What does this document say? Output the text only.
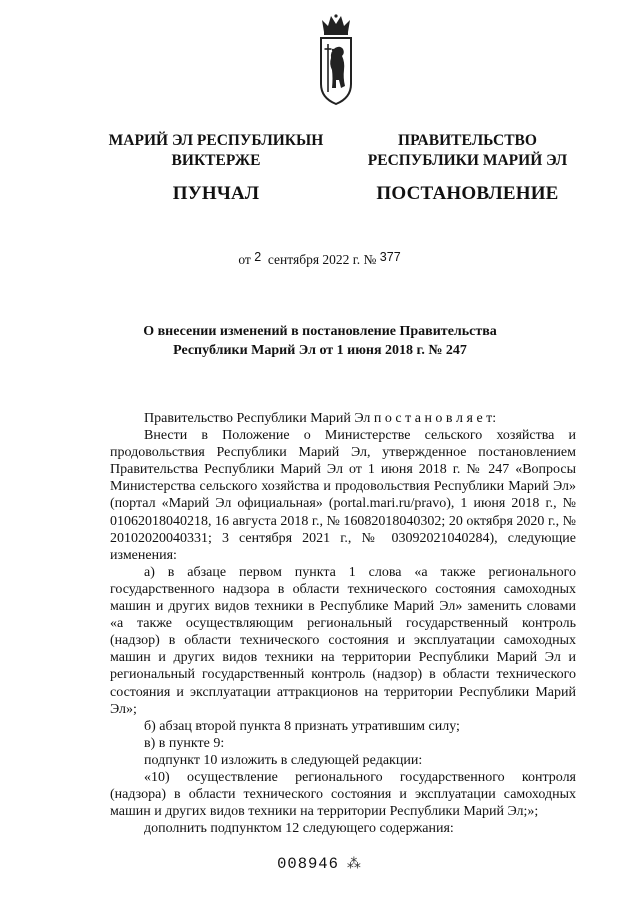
МАРИЙ ЭЛ РЕСПУБЛИКЫН
ВИКТЕРЖЕ
ПУНЧАЛ
ПРАВИТЕЛЬСТВО
РЕСПУБЛИКИ МАРИЙ ЭЛ
ПОСТАНОВЛЕНИЕ
от 2 сентября 2022 г. № 377
О внесении изменений в постановление Правительства
Республики Марий Эл от 1 июня 2018 г. № 247

Правительство Республики Марий Эл п о с т а н о в л я е т:

Внести в Положение о Министерстве сельского хозяйства и продовольствия Республики Марий Эл, утвержденное постановлением Правительства Республики Марий Эл от 1 июня 2018 г. № 247 «Вопросы Министерства сельского хозяйства и продовольствия Республики Марий Эл» (портал «Марий Эл официальная» (portal.mari.ru/pravo), 1 июня 2018 г., № 01062018040218, 16 августа 2018 г., № 16082018040302; 20 октября 2020 г., № 20102020040331; 3 сентября 2021 г., № 03092021040284), следующие изменения:

а) в абзаце первом пункта 1 слова «а также регионального государственного надзора в области технического состояния самоходных машин и других видов техники в Республике Марий Эл» заменить словами «а также осуществляющим региональный государственный контроль (надзор) в области технического состояния и эксплуатации самоходных машин и других видов техники на территории Республики Марий Эл и региональный государственный контроль (надзор) в области технического состояния и эксплуатации аттракционов на территории Республики Марий Эл»;

б) абзац второй пункта 8 признать утратившим силу;

в) в пункте 9:

подпункт 10 изложить в следующей редакции:

«10) осуществление регионального государственного контроля (надзора) в области технического состояния и эксплуатации самоходных машин и других видов техники на территории Республики Марий Эл;»;

дополнить подпунктом 12 следующего содержания:

008946 ⁂
